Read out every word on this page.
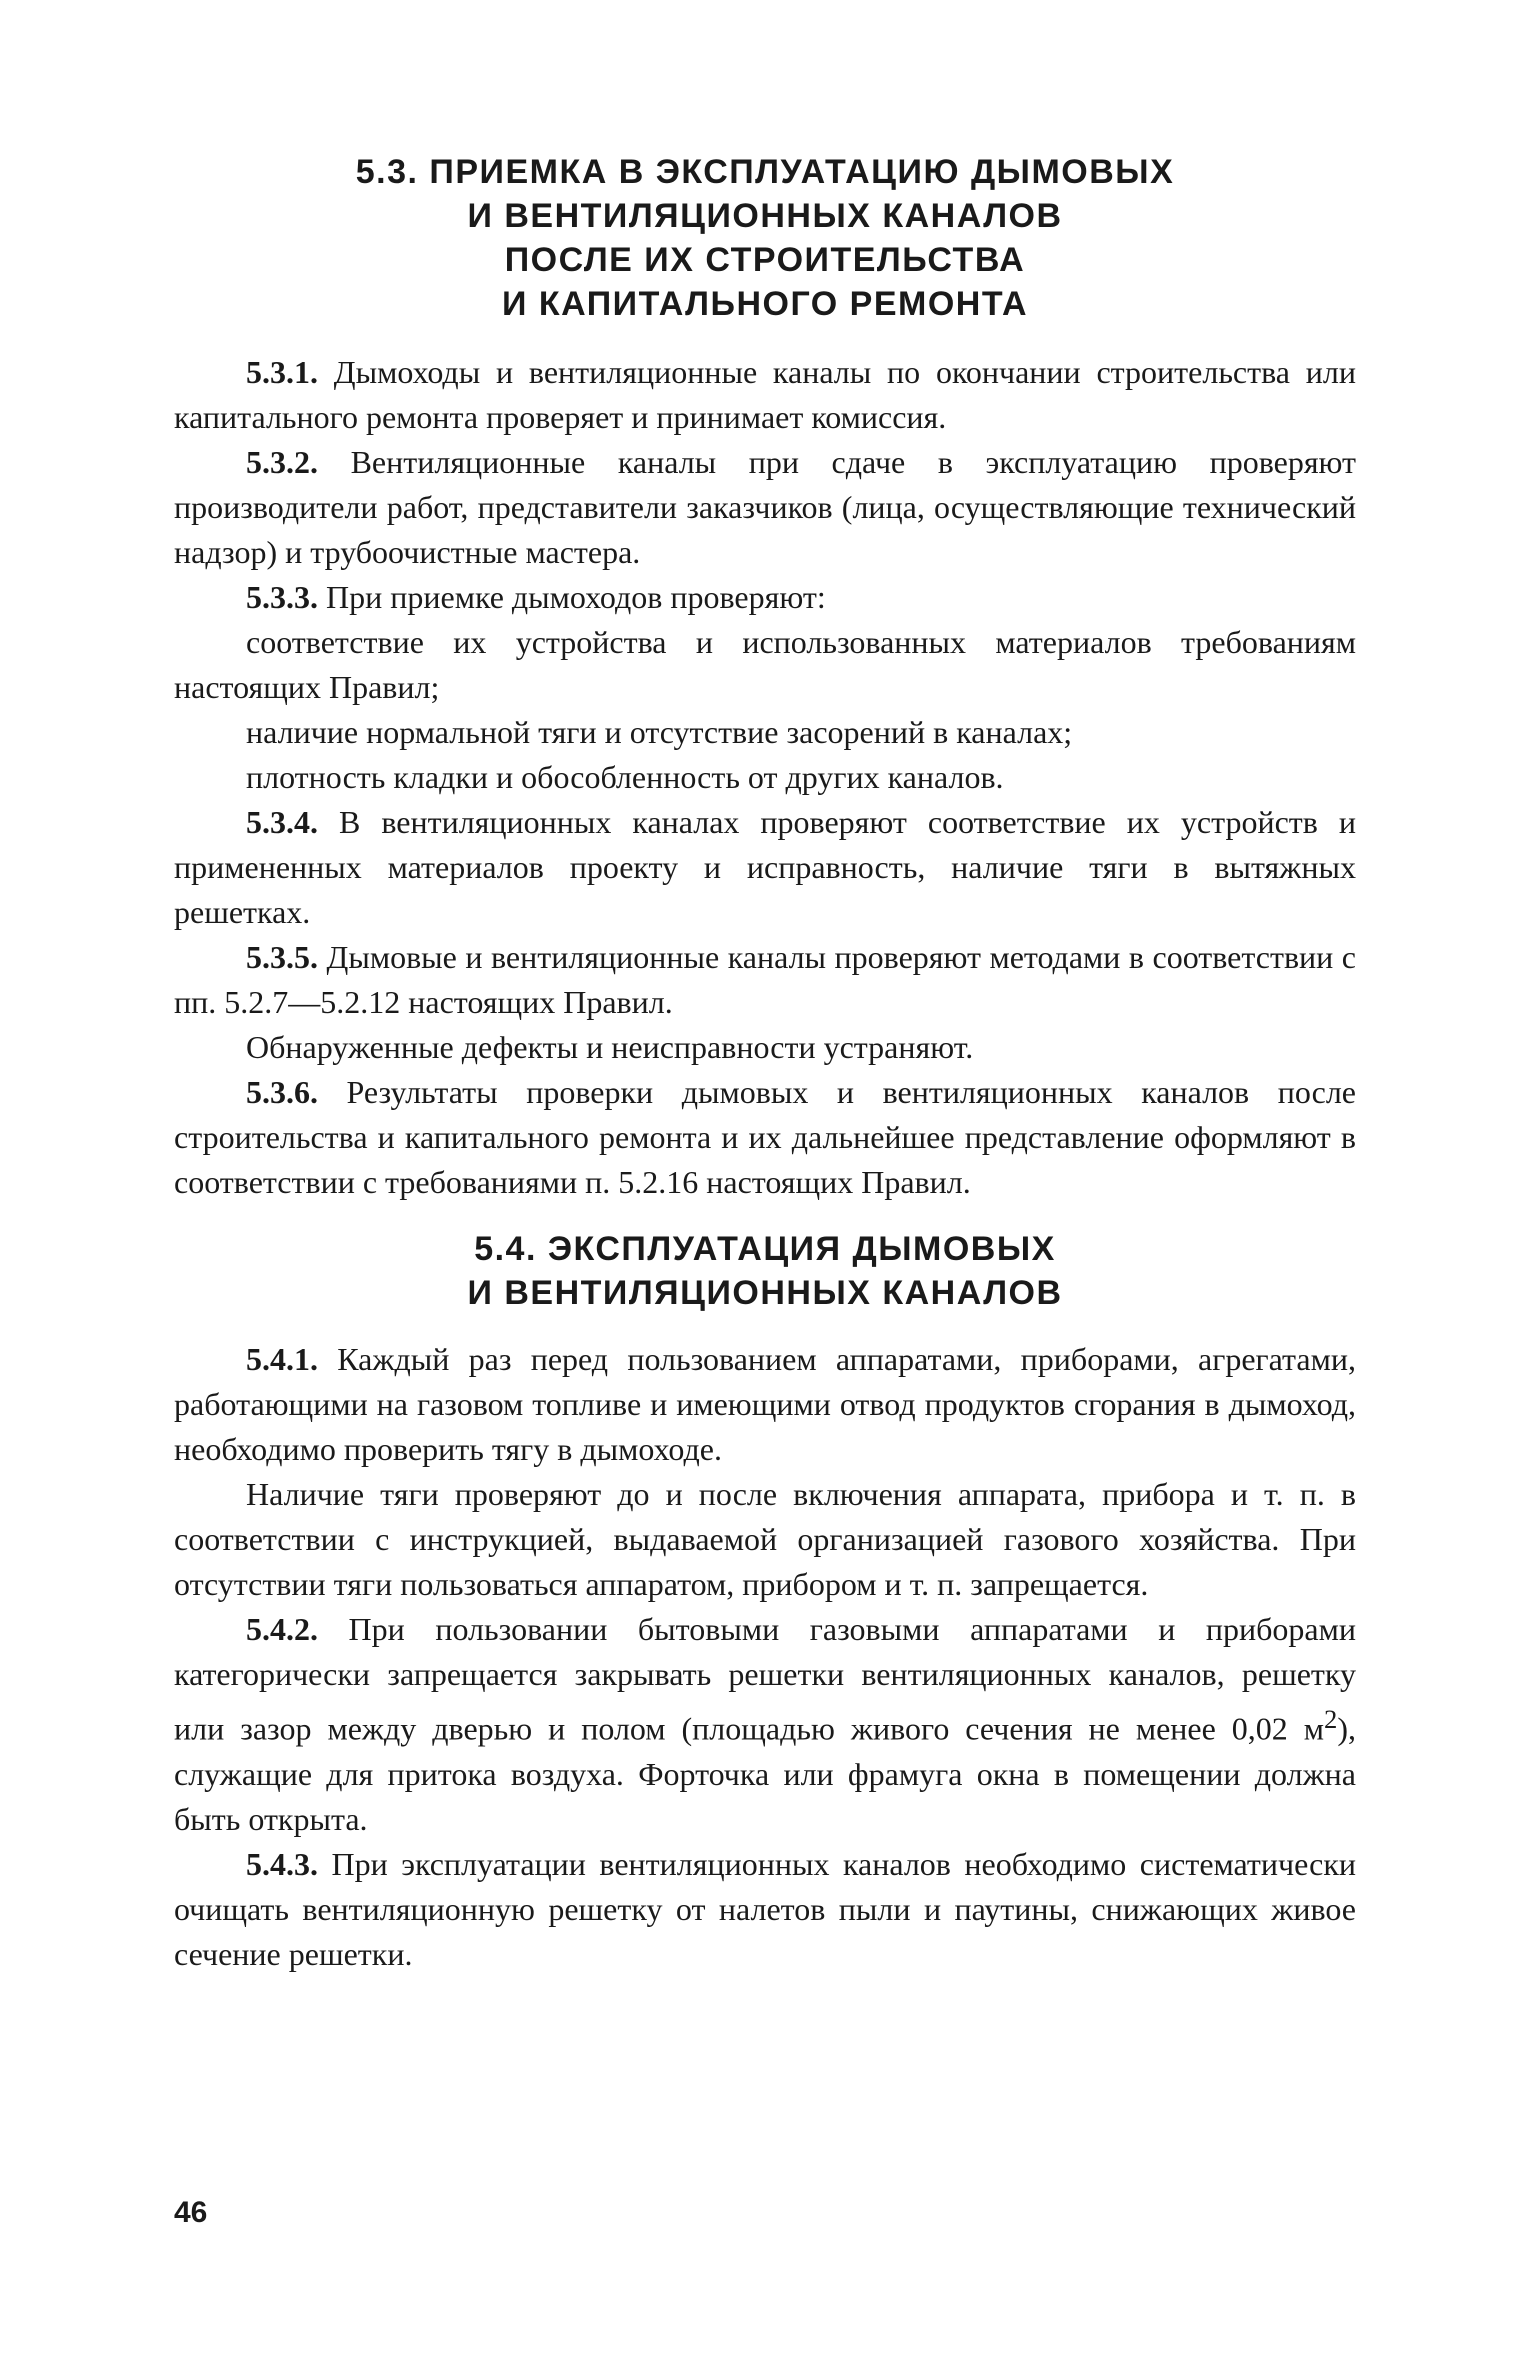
5.3. ПРИЕМКА В ЭКСПЛУАТАЦИЮ ДЫМОВЫХ
И ВЕНТИЛЯЦИОННЫХ КАНАЛОВ
ПОСЛЕ ИХ СТРОИТЕЛЬСТВА
И КАПИТАЛЬНОГО РЕМОНТА

5.3.1. Дымоходы и вентиляционные каналы по окончании строительства или капитального ремонта проверяет и принимает комиссия.

5.3.2. Вентиляционные каналы при сдаче в эксплуатацию проверяют производители работ, представители заказчиков (лица, осуществляющие технический надзор) и трубоочистные мастера.

5.3.3. При приемке дымоходов проверяют:

соответствие их устройства и использованных материалов требованиям настоящих Правил;

наличие нормальной тяги и отсутствие засорений в каналах;

плотность кладки и обособленность от других каналов.

5.3.4. В вентиляционных каналах проверяют соответствие их устройств и примененных материалов проекту и исправность, наличие тяги в вытяжных решетках.

5.3.5. Дымовые и вентиляционные каналы проверяют методами в соответствии с пп. 5.2.7—5.2.12 настоящих Правил.

Обнаруженные дефекты и неисправности устраняют.

5.3.6. Результаты проверки дымовых и вентиляционных каналов после строительства и капитального ремонта и их дальнейшее представление оформляют в соответствии с требованиями п. 5.2.16 настоящих Правил.

5.4. ЭКСПЛУАТАЦИЯ ДЫМОВЫХ
И ВЕНТИЛЯЦИОННЫХ КАНАЛОВ

5.4.1. Каждый раз перед пользованием аппаратами, приборами, агрегатами, работающими на газовом топливе и имеющими отвод продуктов сгорания в дымоход, необходимо проверить тягу в дымоходе.

Наличие тяги проверяют до и после включения аппарата, прибора и т. п. в соответствии с инструкцией, выдаваемой организацией газового хозяйства. При отсутствии тяги пользоваться аппаратом, прибором и т. п. запрещается.

5.4.2. При пользовании бытовыми газовыми аппаратами и приборами категорически запрещается закрывать решетки вентиляционных каналов, решетку или зазор между дверью и полом (площадью живого сечения не менее 0,02 $м^2$), служащие для притока воздуха. Форточка или фрамуга окна в помещении должна быть открыта.

5.4.3. При эксплуатации вентиляционных каналов необходимо систематически очищать вентиляционную решетку от налетов пыли и паутины, снижающих живое сечение решетки.

46
